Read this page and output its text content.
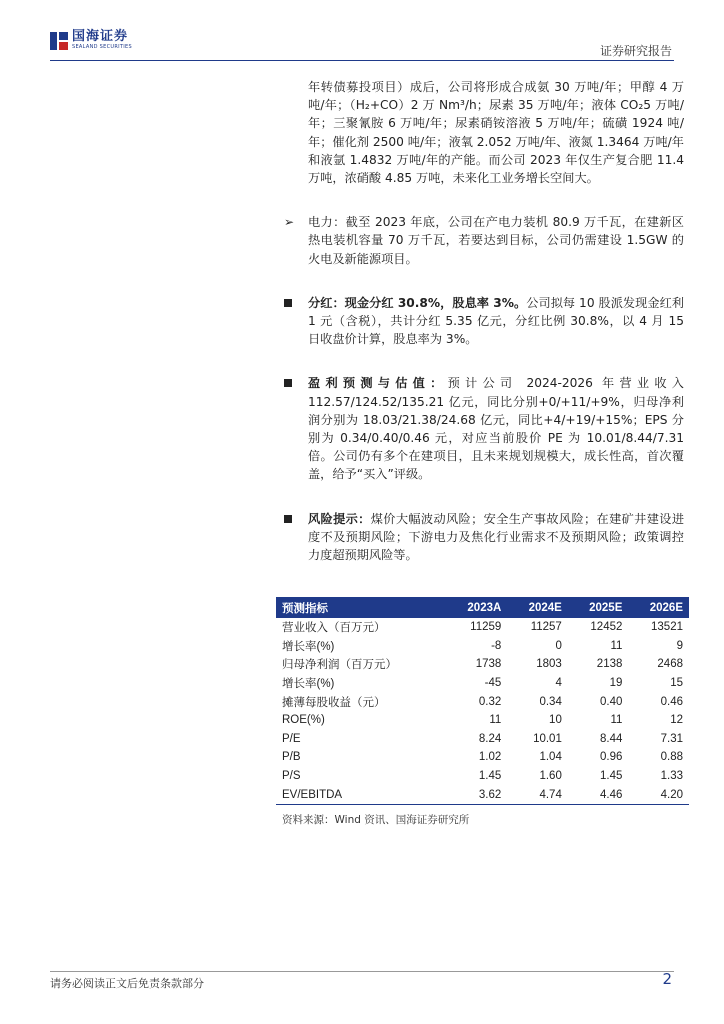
国海证券
SEALAND SECURITIES	证券研究报告

年转债募投项目）成后，公司将形成合成氨 30 万吨/年；甲醇 4 万吨/年；（H₂+CO）2 万 Nm³/h；尿素 35 万吨/年；液体 CO₂5 万吨/年；三聚氰胺 6 万吨/年；尿素硝铵溶液 5 万吨/年；硫磺 1924 吨/年；催化剂 2500 吨/年；液氧 2.052 万吨/年、液氮 1.3464 万吨/年和液氩 1.4832 万吨/年的产能。而公司 2023 年仅生产复合肥 11.4 万吨，浓硝酸 4.85 万吨，未来化工业务增长空间大。

➢ 电力：截至 2023 年底，公司在产电力装机 80.9 万千瓦，在建新区热电装机容量 70 万千瓦，若要达到目标，公司仍需建设 1.5GW 的火电及新能源项目。

分红：现金分红 30.8%，股息率 3%。公司拟每 10 股派发现金红利 1 元（含税），共计分红 5.35 亿元，分红比例 30.8%，以 4 月 15 日收盘价计算，股息率为 3%。

盈利预测与估值：预计公司 2024-2026 年营业收入 112.57/124.52/135.21 亿元，同比分别+0/+11/+9%，归母净利润分别为 18.03/21.38/24.68 亿元，同比+4/+19/+15%；EPS 分别为 0.34/0.40/0.46 元，对应当前股价 PE 为 10.01/8.44/7.31 倍。公司仍有多个在建项目，且未来规划规模大，成长性高，首次覆盖，给予“买入”评级。

风险提示：煤价大幅波动风险；安全生产事故风险；在建矿井建设进度不及预期风险；下游电力及焦化行业需求不及预期风险；政策调控力度超预期风险等。

预测指标	2023A	2024E	2025E	2026E
营业收入（百万元）	11259	11257	12452	13521
增长率(%)	-8	0	11	9
归母净利润（百万元）	1738	1803	2138	2468
增长率(%)	-45	4	19	15
摊薄每股收益（元）	0.32	0.34	0.40	0.46
ROE(%)	11	10	11	12
P/E	8.24	10.01	8.44	7.31
P/B	1.02	1.04	0.96	0.88
P/S	1.45	1.60	1.45	1.33
EV/EBITDA	3.62	4.74	4.46	4.20
资料来源：Wind 资讯、国海证券研究所
请务必阅读正文后免责条款部分	2
